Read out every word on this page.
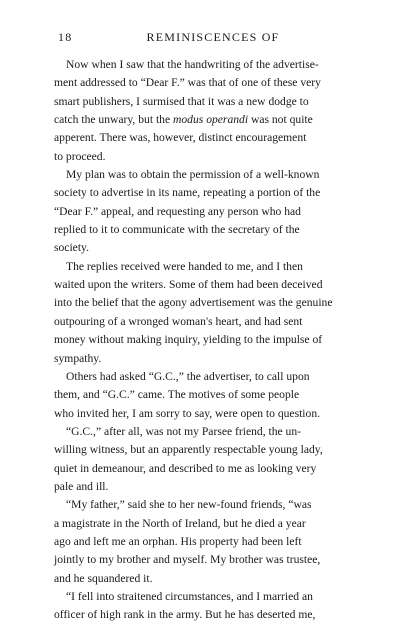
18	REMINISCENCES OF
Now when I saw that the handwriting of the advertise-
ment addressed to “Dear F.” was that of one of these very
smart publishers, I surmised that it was a new dodge to
catch the unwary, but the modus operandi was not quite
apperent. There was, however, distinct encouragement
to proceed.
My plan was to obtain the permission of a well-known
society to advertise in its name, repeating a portion of the
“Dear F.” appeal, and requesting any person who had
replied to it to communicate with the secretary of the
society.
The replies received were handed to me, and I then
waited upon the writers. Some of them had been deceived
into the belief that the agony advertisement was the genuine
outpouring of a wronged woman's heart, and had sent
money without making inquiry, yielding to the impulse of
sympathy.
Others had asked “G.C.,” the advertiser, to call upon
them, and “G.C.” came. The motives of some people
who invited her, I am sorry to say, were open to question.
“G.C.,” after all, was not my Parsee friend, the un-
willing witness, but an apparently respectable young lady,
quiet in demeanour, and described to me as looking very
pale and ill.
“My father,” said she to her new-found friends, “was
a magistrate in the North of Ireland, but he died a year
ago and left me an orphan. His property had been left
jointly to my brother and myself. My brother was trustee,
and he squandered it.
“I fell into straitened circumstances, and I married an
officer of high rank in the army. But he has deserted me,
